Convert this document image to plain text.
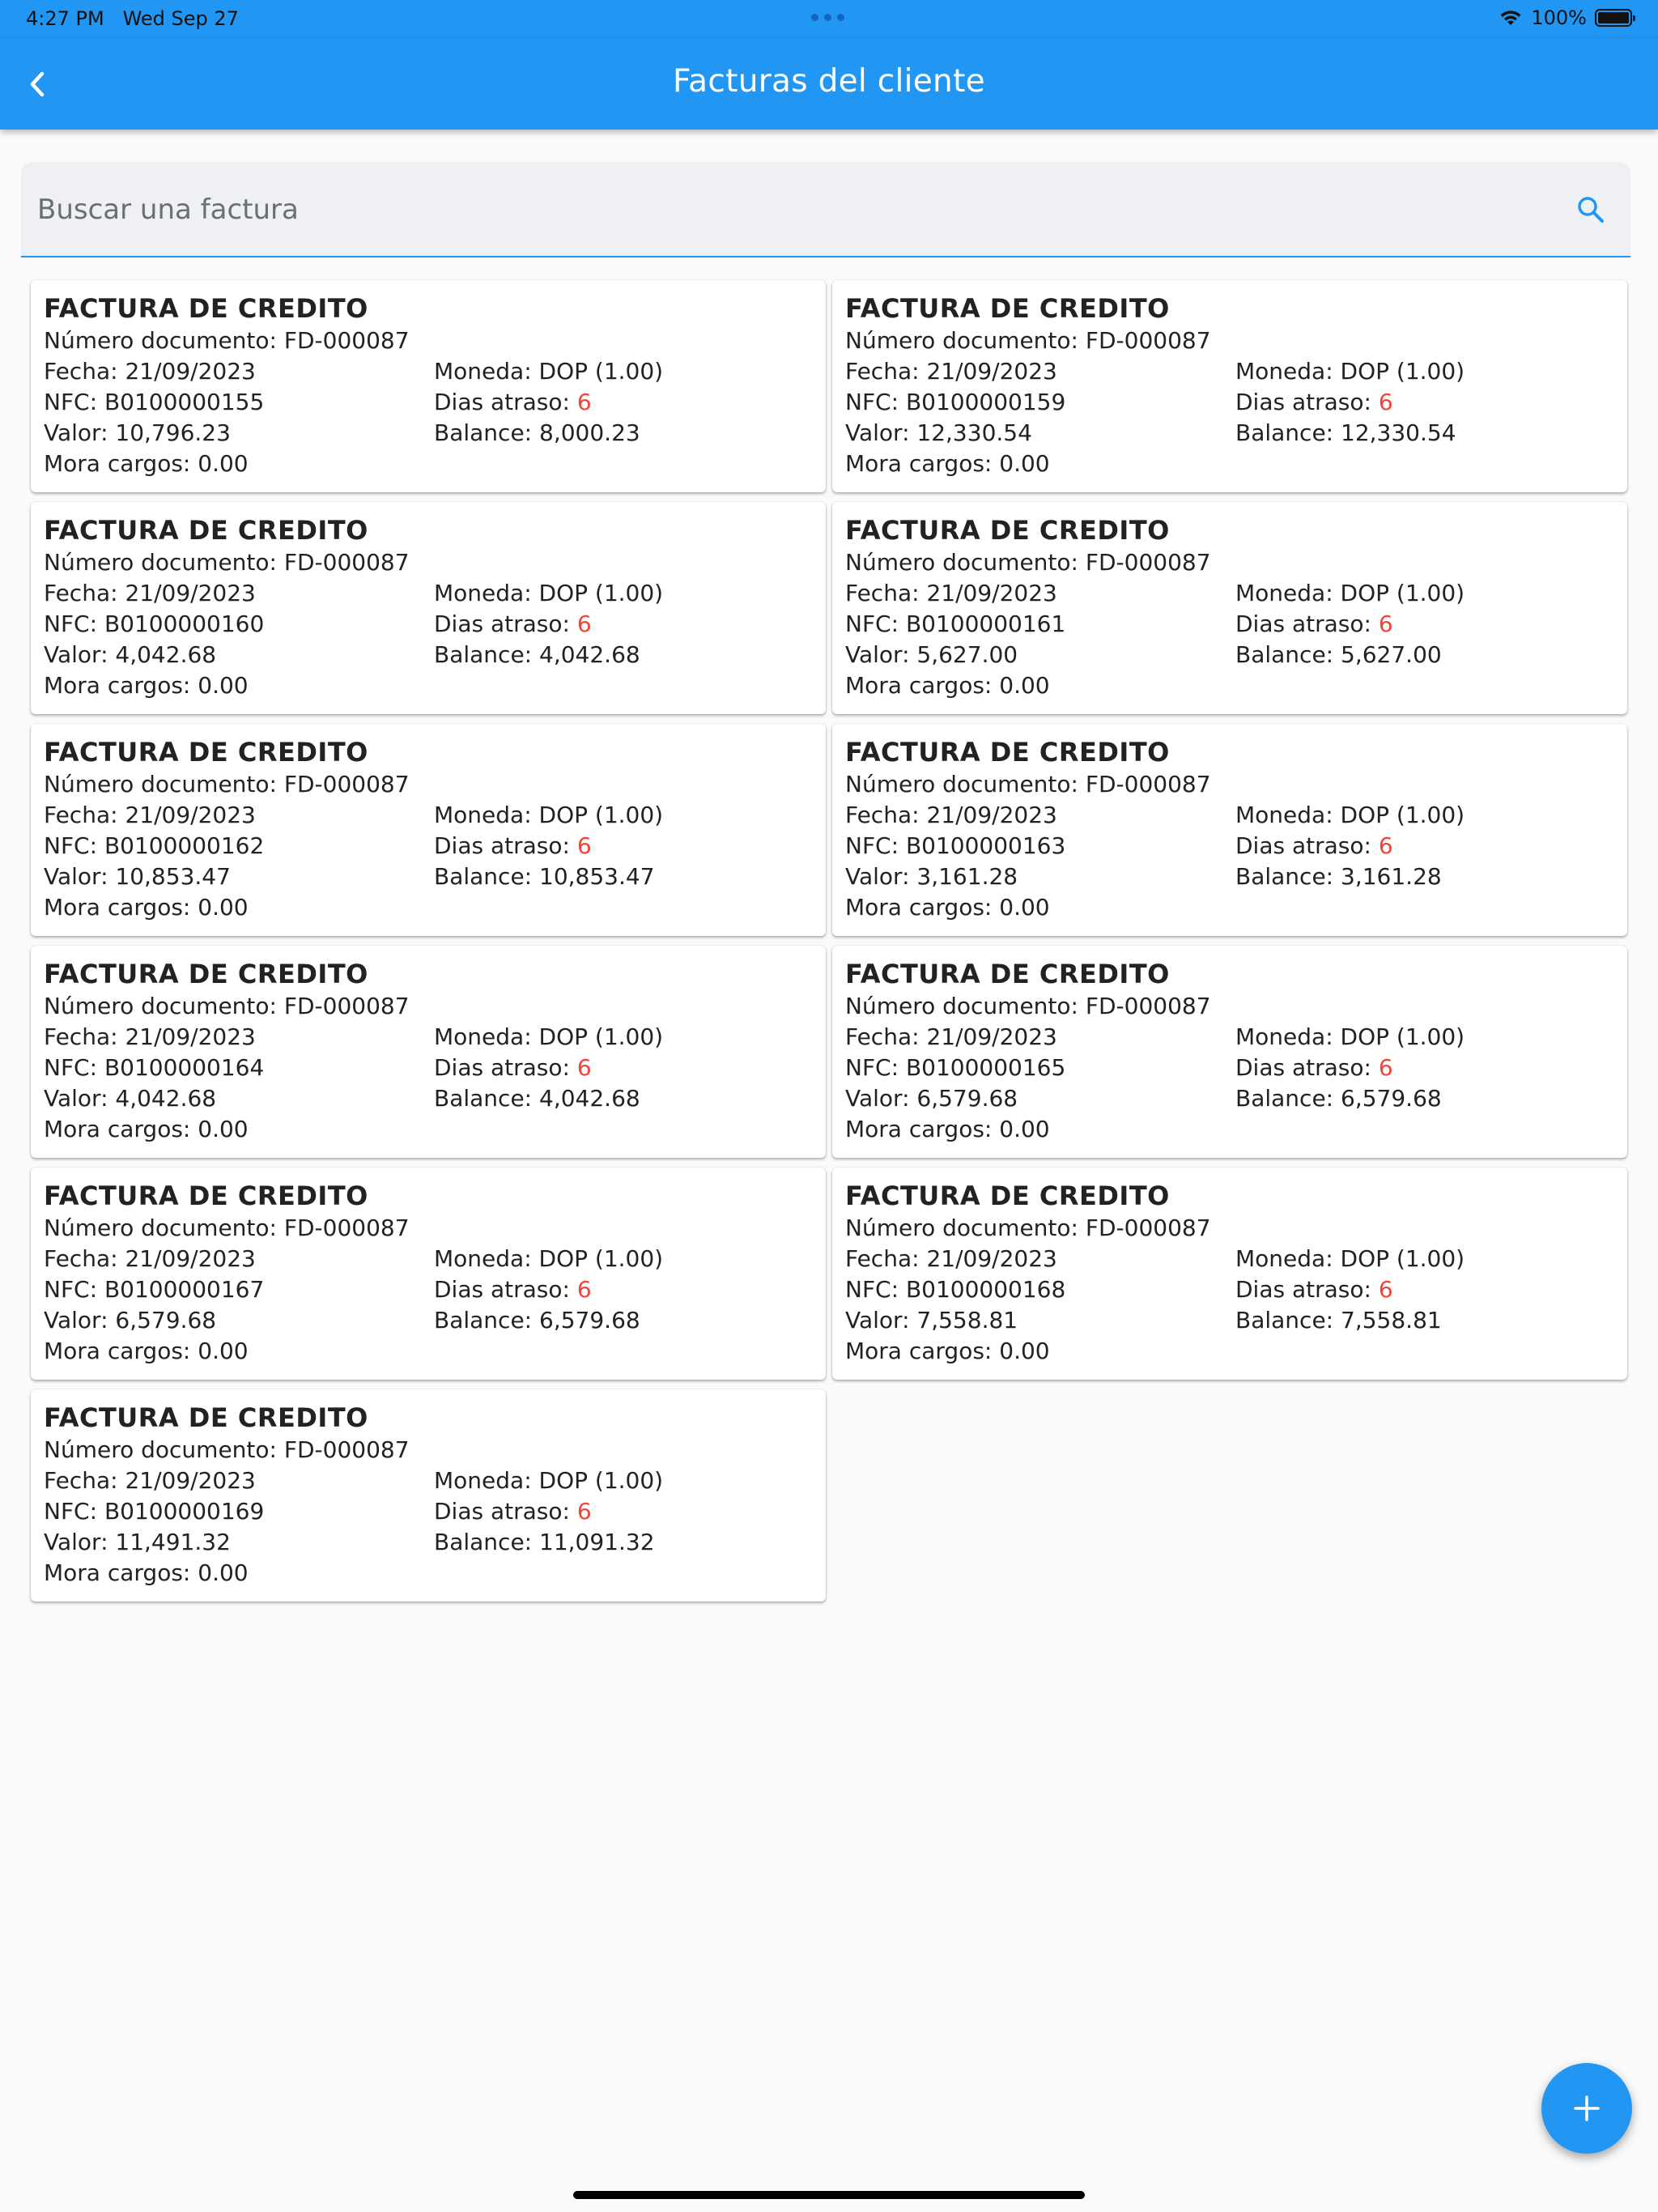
4:27 PM Wed Sep 27	100%
Facturas del cliente
Buscar una factura
FACTURA DE CREDITO
Número documento: FD-000087
Fecha: 21/09/2023
NFC: B0100000155
Valor: 10,796.23
Mora cargos: 0.00
Moneda: DOP (1.00)
Dias atraso: 6
Balance: 8,000.23
FACTURA DE CREDITO
Número documento: FD-000087
Fecha: 21/09/2023
NFC: B0100000159
Valor: 12,330.54
Mora cargos: 0.00
Moneda: DOP (1.00)
Dias atraso: 6
Balance: 12,330.54
FACTURA DE CREDITO
Número documento: FD-000087
Fecha: 21/09/2023
NFC: B0100000160
Valor: 4,042.68
Mora cargos: 0.00
Moneda: DOP (1.00)
Dias atraso: 6
Balance: 4,042.68
FACTURA DE CREDITO
Número documento: FD-000087
Fecha: 21/09/2023
NFC: B0100000161
Valor: 5,627.00
Mora cargos: 0.00
Moneda: DOP (1.00)
Dias atraso: 6
Balance: 5,627.00
FACTURA DE CREDITO
Número documento: FD-000087
Fecha: 21/09/2023
NFC: B0100000162
Valor: 10,853.47
Mora cargos: 0.00
Moneda: DOP (1.00)
Dias atraso: 6
Balance: 10,853.47
FACTURA DE CREDITO
Número documento: FD-000087
Fecha: 21/09/2023
NFC: B0100000163
Valor: 3,161.28
Mora cargos: 0.00
Moneda: DOP (1.00)
Dias atraso: 6
Balance: 3,161.28
FACTURA DE CREDITO
Número documento: FD-000087
Fecha: 21/09/2023
NFC: B0100000164
Valor: 4,042.68
Mora cargos: 0.00
Moneda: DOP (1.00)
Dias atraso: 6
Balance: 4,042.68
FACTURA DE CREDITO
Número documento: FD-000087
Fecha: 21/09/2023
NFC: B0100000165
Valor: 6,579.68
Mora cargos: 0.00
Moneda: DOP (1.00)
Dias atraso: 6
Balance: 6,579.68
FACTURA DE CREDITO
Número documento: FD-000087
Fecha: 21/09/2023
NFC: B0100000167
Valor: 6,579.68
Mora cargos: 0.00
Moneda: DOP (1.00)
Dias atraso: 6
Balance: 6,579.68
FACTURA DE CREDITO
Número documento: FD-000087
Fecha: 21/09/2023
NFC: B0100000168
Valor: 7,558.81
Mora cargos: 0.00
Moneda: DOP (1.00)
Dias atraso: 6
Balance: 7,558.81
FACTURA DE CREDITO
Número documento: FD-000087
Fecha: 21/09/2023
NFC: B0100000169
Valor: 11,491.32
Mora cargos: 0.00
Moneda: DOP (1.00)
Dias atraso: 6
Balance: 11,091.32
